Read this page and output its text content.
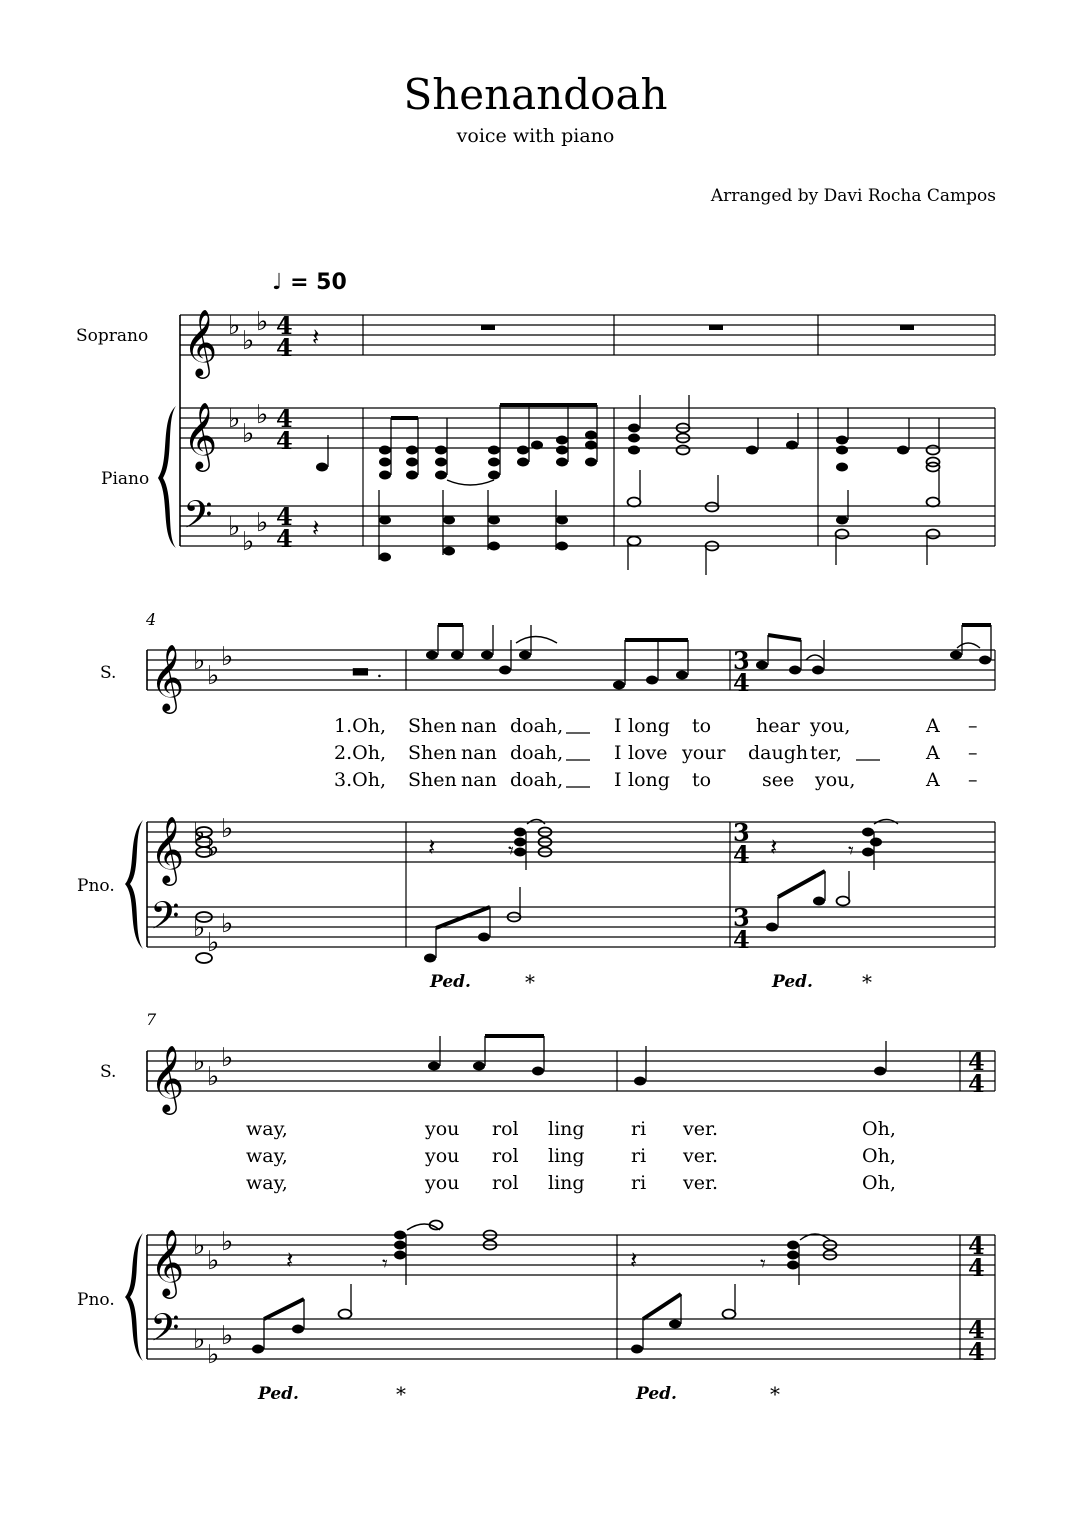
Shenandoah
voice with piano
Arranged by Davi Rocha Campos
♩ = 50
Soprano
Piano
S.
Pno.
S.
Pno.
4
7
1.Oh, Shen nan doah,	I long to hear you,	A –
2.Oh, Shen nan doah,	I love your daugh ter,	A –
3.Oh, Shen nan doah,	I long to	see you,	A –
way,	you rol ling ri ver.	Oh,
way,	you rol ling ri ver.	Oh,
way,	you rol ling ri ver.	Oh,
Ped.	*	Ped. *
Ped.	*	Ped.	*
𝄞
𝄞
𝄢
♭ ♭
♭
♭ ♭
♭
♭ ♭
♭
4
4
4
4
4
4
𝄞
𝄞
𝄢
♭ ♭
♭
♭ ♭
♭
♭ ♭
♭
3
4
3
4
3
4
𝄞
𝄞
𝄢
♭ ♭
♭
♭ ♭
♭
♭ ♭
♭
4
4
4
4
4
4
𝄽
𝄽
𝄽	𝄾	𝄽	𝄾
𝄽	𝄾	𝄽	𝄾
▬ .
